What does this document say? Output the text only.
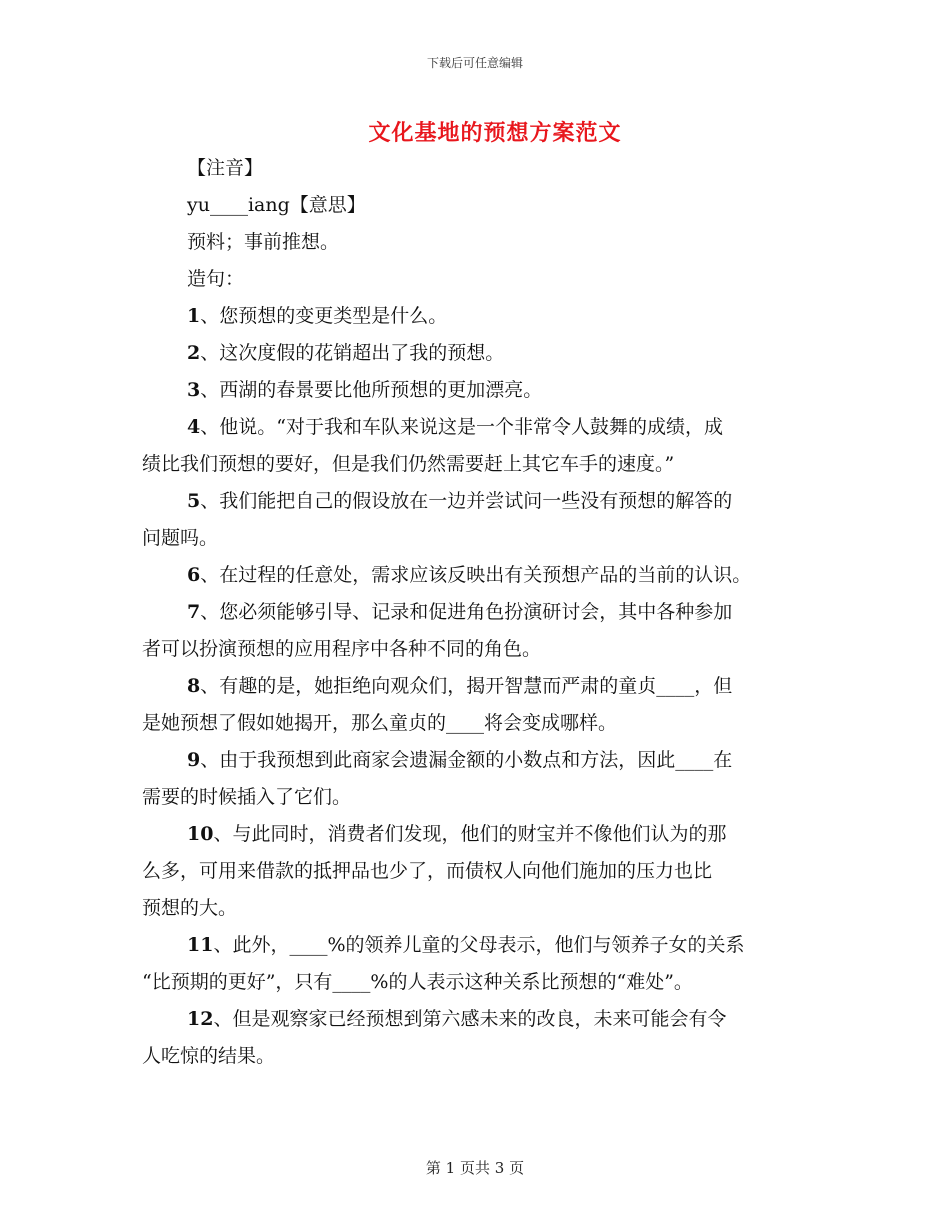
下载后可任意编辑
文化基地的预想方案范文
【注音】
yu____iang【意思】
预料；事前推想。
造句：
1、您预想的变更类型是什么。
2、这次度假的花销超出了我的预想。
3、西湖的春景要比他所预想的更加漂亮。
4、他说。“对于我和车队来说这是一个非常令人鼓舞的成绩，成
绩比我们预想的要好，但是我们仍然需要赶上其它车手的速度。”
5、我们能把自己的假设放在一边并尝试问一些没有预想的解答的
问题吗。
6、在过程的任意处，需求应该反映出有关预想产品的当前的认识。
7、您必须能够引导、记录和促进角色扮演研讨会，其中各种参加
者可以扮演预想的应用程序中各种不同的角色。
8、有趣的是，她拒绝向观众们，揭开智慧而严肃的童贞____，但
是她预想了假如她揭开，那么童贞的____将会变成哪样。
9、由于我预想到此商家会遗漏金额的小数点和方法，因此____在
需要的时候插入了它们。
10、与此同时，消费者们发现，他们的财宝并不像他们认为的那
么多，可用来借款的抵押品也少了，而债权人向他们施加的压力也比
预想的大。
11、此外，____%的领养儿童的父母表示，他们与领养子女的关系
“比预期的更好”，只有____%的人表示这种关系比预想的“难处”。
12、但是观察家已经预想到第六感未来的改良，未来可能会有令
人吃惊的结果。
第 1 页共 3 页
